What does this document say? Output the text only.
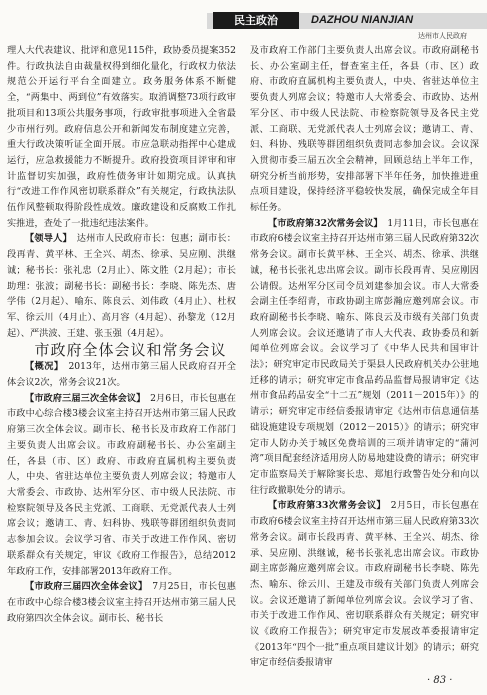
民主政治	DAZHOU NIANJIAN
达州市人民政府

理人大代表建议、批评和意见115件，政协委员提案352件。行政执法自由裁量权得到细化量化，行政权力依法规范公开运行平台全面建立。政务服务体系不断健全，“两集中、两到位”有效落实。取消调整73项行政审批项目和13项公共服务事项，行政审批事项进入全省最少市州行列。政府信息公开和新闻发布制度建立完善，重大行政决策听证全面开展。市应急联动指挥中心建成运行，应急救援能力不断提升。政府投资项目评审和审计监督切实加强，政府性债务审计如期完成。认真执行“改进工作作风密切联系群众”有关规定，行政执法队伍作风整顿取得阶段性成效。廉政建设和反腐败工作扎实推进，查处了一批违纪违法案件。

【领导人】　达州市人民政府市长：包惠；副市长：段再青、黄平林、王全兴、胡杰、徐承、吴应刚、洪继诚；秘书长：张礼忠（2月止）、陈文胜（2月起）；市长助理：张波；副秘书长：副秘书长：李晓、陈先杰、唐学伟（2月起）、喻东、陈良云、刘伟政（4月止）、杜权军、徐云川（4月止）、高月容（4月起）、孙黎龙（12月起）、严洪波、王建、张玉强（4月起）。

市政府全体会议和常务会议

【概况】　2013年，达州市第三届人民政府召开全体会议2次，常务会议21次。

【市政府三届三次全体会议】　2月6日，市长包惠在市政中心综合楼3楼会议室主持召开达州市第三届人民政府第三次全体会议。副市长、秘书长及市政府工作部门主要负责人出席会议。市政府副秘书长、办公室副主任，各县（市、区）政府、市政府直属机构主要负责人，中央、省驻达单位主要负责人列席会议；特邀市人大常委会、市政协、达州军分区、市中级人民法院、市检察院领导及各民主党派、工商联、无党派代表人士列席会议；邀请工、青、妇科协、残联等群团组织负责同志参加会议。会议学习省、市关于改进工作作风、密切联系群众有关规定，审议《政府工作报告》，总结2012年政府工作，安排部署2013年政府工作。

【市政府三届四次全体会议】　7月25日，市长包惠在市政中心综合楼3楼会议室主持召开达州市第三届人民政府第四次全体会议。副市长、秘书长

及市政府工作部门主要负责人出席会议。市政府副秘书长、办公室副主任，督查室主任，各县（市、区）政府、市政府直属机构主要负责人，中央、省驻达单位主要负责人列席会议；特邀市人大常委会、市政协、达州军分区、市中级人民法院、市检察院领导及各民主党派、工商联、无党派代表人士列席会议；邀请工、青、妇、科协、残联等群团组织负责同志参加会议。会议深入贯彻市委三届五次全会精神，回顾总结上半年工作，研究分析当前形势，安排部署下半年任务，加快推进重点项目建设，保持经济平稳较快发展，确保完成全年目标任务。

【市政府第32次常务会议】　1月11日，市长包惠在市政府6楼会议室主持召开达州市第三届人民政府第32次常务会议。副市长黄平林、王全兴、胡杰、徐承、洪继诚，秘书长张礼忠出席会议。副市长段再青、吴应刚因公请假。达州军分区司令员刘建参加会议。市人大常委会副主任李绍青，市政协副主席彭瀚应邀列席会议。市政府副秘书长李晓、喻东、陈良云及市级有关部门负责人列席会议。会议还邀请了市人大代表、政协委员和新闻单位列席会议。会议学习了《中华人民共和国审计法》；研究审定市民政局关于渠县人民政府机关办公驻地迁移的请示；研究审定市食品药品监督局报请审定《达州市食品药品安全“十二五”规划（2011－2015年）》的请示；研究审定市经信委报请审定《达州市信息通信基础设施建设专项规划（2012－2015）》的请示；研究审定市人防办关于城区免费培训的三项并请审定的“蒲河湾”项目配套经济适用房人防易地建设费的请示；研究审定市监察局关于解除窦长忠、郑旭行政警告处分和向以往行政撤职处分的请示。

【市政府第33次常务会议】　2月5日，市长包惠在市政府6楼会议室主持召开达州市第三届人民政府第33次常务会议。副市长段再青、黄平林、王全兴、胡杰、徐承、吴应刚、洪继诚，秘书长张礼忠出席会议。市政协副主席彭瀚应邀列席会议。市政府副秘书长李晓、陈先杰、喻东、徐云川、王建及市级有关部门负责人列席会议。会议还邀请了新闻单位列席会议。会议学习了省、市关于改进工作作风、密切联系群众有关规定；研究审议《政府工作报告》；研究审定市发展改革委报请审定《2013年“四个一批”重点项目建议计划》的请示；研究审定市经信委报请审

· 83 ·
